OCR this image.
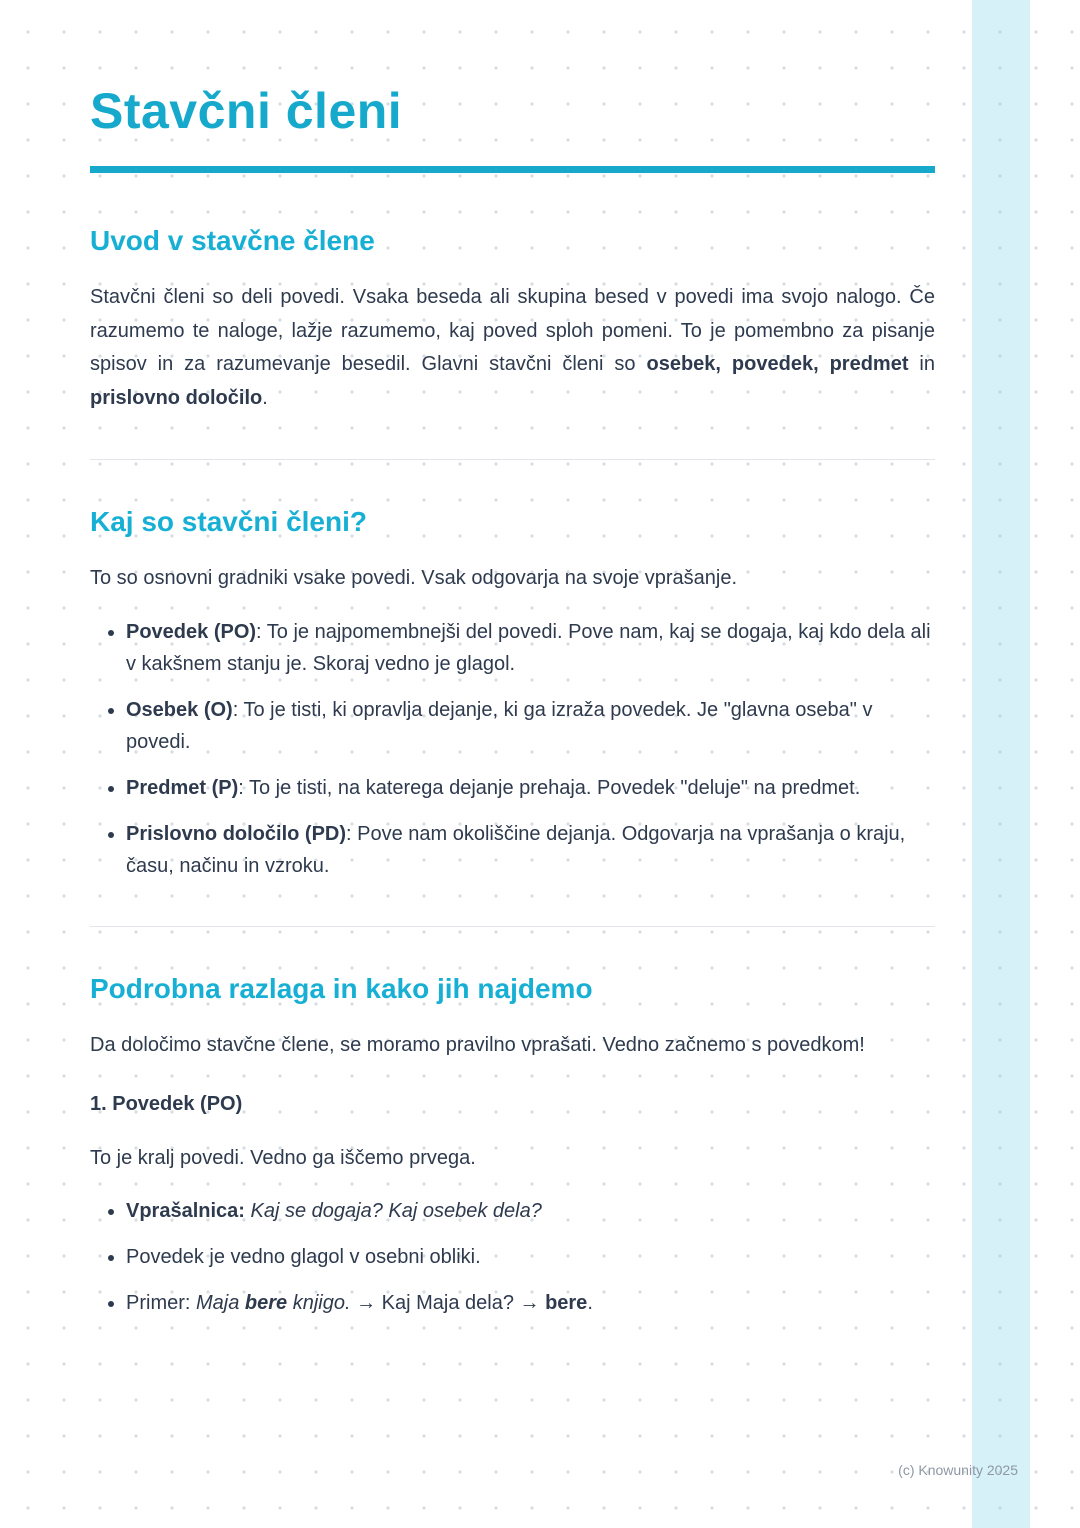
Stavčni členi
Uvod v stavčne člene

Stavčni členi so deli povedi. Vsaka beseda ali skupina besed v povedi ima svojo nalogo. Če razumemo te naloge, lažje razumemo, kaj poved sploh pomeni. To je pomembno za pisanje spisov in za razumevanje besedil. Glavni stavčni členi so osebek, povedek, predmet in prislovno določilo.

Kaj so stavčni členi?

To so osnovni gradniki vsake povedi. Vsak odgovarja na svoje vprašanje.

• Povedek (PO): To je najpomembnejši del povedi. Pove nam, kaj se dogaja, kaj kdo dela ali v kakšnem stanju je. Skoraj vedno je glagol.
• Osebek (O): To je tisti, ki opravlja dejanje, ki ga izraža povedek. Je "glavna oseba" v povedi.
• Predmet (P): To je tisti, na katerega dejanje prehaja. Povedek "deluje" na predmet.
• Prislovno določilo (PD): Pove nam okoliščine dejanja. Odgovarja na vprašanja o kraju, času, načinu in vzroku.
Podrobna razlaga in kako jih najdemo

Da določimo stavčne člene, se moramo pravilno vprašati. Vedno začnemo s povedkom!

1. Povedek (PO)

To je kralj povedi. Vedno ga iščemo prvega.

• Vprašalnica: Kaj se dogaja? Kaj osebek dela?
• Povedek je vedno glagol v osebni obliki.
• Primer: Maja bere knjigo. → Kaj Maja dela? → bere.
(c) Knowunity 2025
